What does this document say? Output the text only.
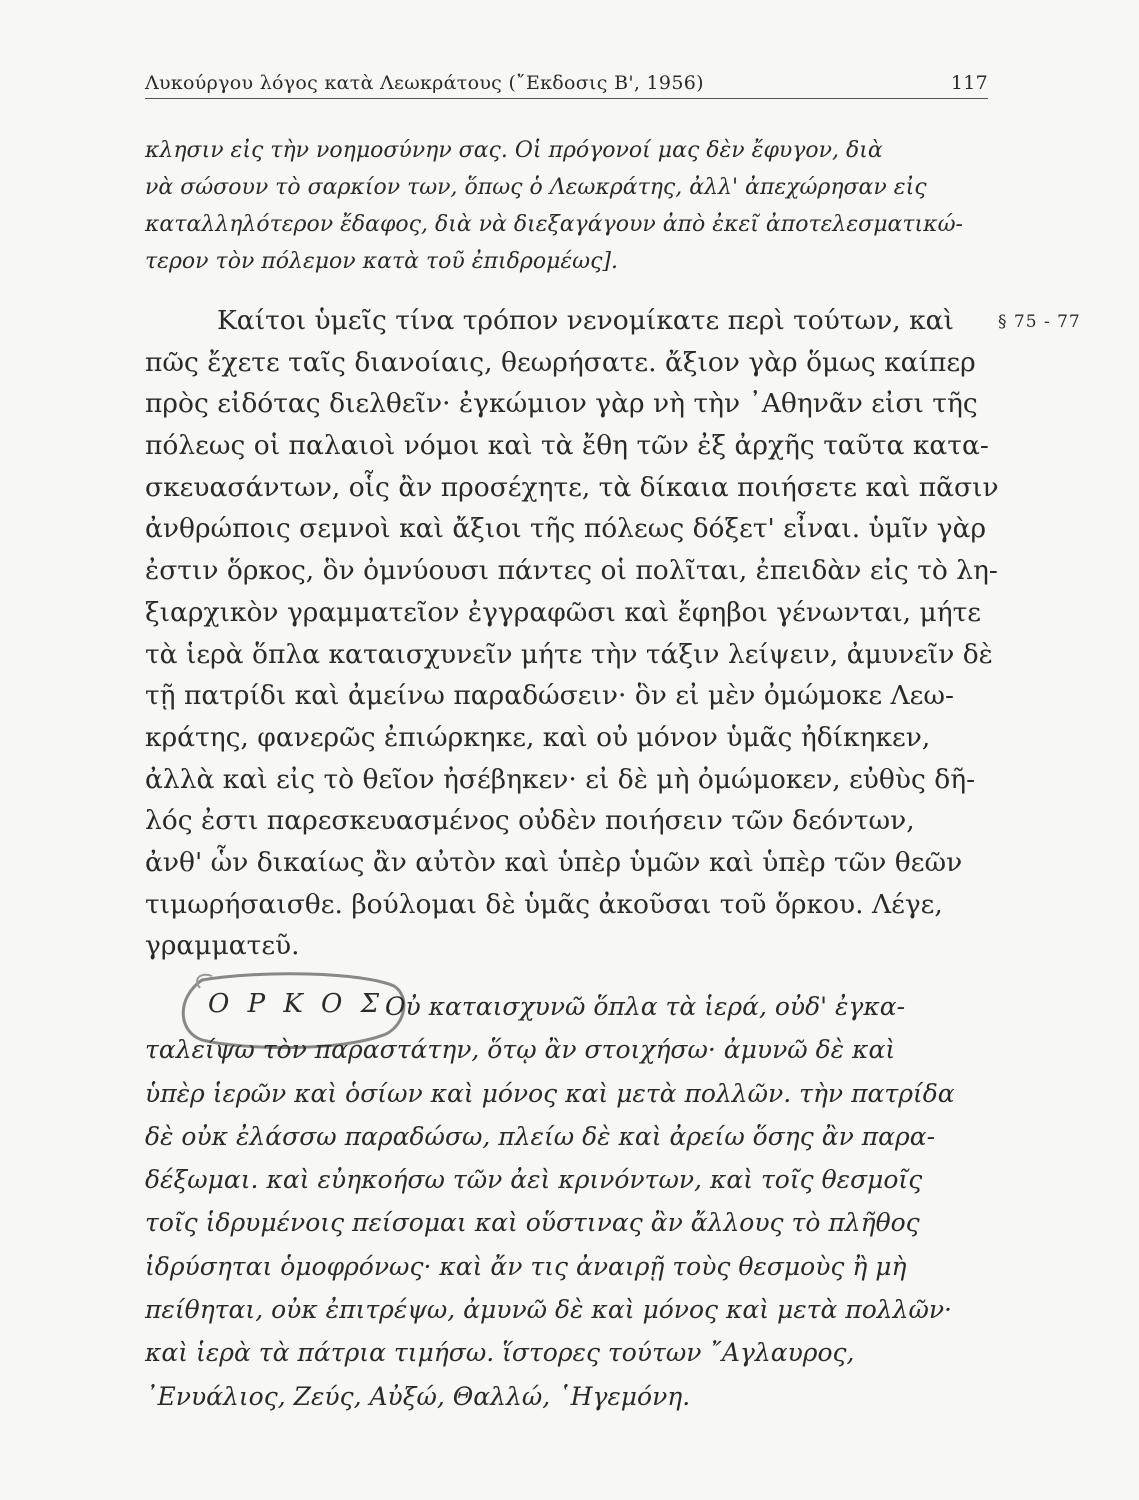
Λυκούργου λόγος κατὰ Λεωκράτους (῎Εκδοσις Β', 1956)	117

κλησιν εἰς τὴν νοημοσύνην σας. Οἱ πρόγονοί μας δὲν ἔφυγον, διὰ

νὰ σώσουν τὸ σαρκίον των, ὅπως ὁ Λεωκράτης, ἀλλ' ἀπεχώρησαν εἰς

καταλληλότερον ἔδαφος, διὰ νὰ διεξαγάγουν ἀπὸ ἐκεῖ ἀποτελεσματικώ-

τερον τὸν πόλεμον κατὰ τοῦ ἐπιδρομέως].

§ 75 - 77

Καίτοι ὑμεῖς τίνα τρόπον νενομίκατε περὶ τούτων, καὶ

πῶς ἔχετε ταῖς διανοίαις, θεωρήσατε. ἄξιον γὰρ ὅμως καίπερ

πρὸς εἰδότας διελθεῖν· ἐγκώμιον γὰρ νὴ τὴν ᾿Αθηνᾶν εἰσι τῆς

πόλεως οἱ παλαιοὶ νόμοι καὶ τὰ ἔθη τῶν ἐξ ἀρχῆς ταῦτα κατα-

σκευασάντων, οἷς ἂν προσέχητε, τὰ δίκαια ποιήσετε καὶ πᾶσιν

ἀνθρώποις σεμνοὶ καὶ ἄξιοι τῆς πόλεως δόξετ' εἶναι. ὑμῖν γὰρ

ἐστιν ὅρκος, ὃν ὀμνύουσι πάντες οἱ πολῖται, ἐπειδὰν εἰς τὸ λη-

ξιαρχικὸν γραμματεῖον ἐγγραφῶσι καὶ ἔφηβοι γένωνται, μήτε

τὰ ἱερὰ ὅπλα καταισχυνεῖν μήτε τὴν τάξιν λείψειν, ἀμυνεῖν δὲ

τῇ πατρίδι καὶ ἀμείνω παραδώσειν· ὃν εἰ μὲν ὀμώμοκε Λεω-

κράτης, φανερῶς ἐπιώρκηκε, καὶ οὐ μόνον ὑμᾶς ἠδίκηκεν,

ἀλλὰ καὶ εἰς τὸ θεῖον ἠσέβηκεν· εἰ δὲ μὴ ὀμώμοκεν, εὐθὺς δῆ-

λός ἐστι παρεσκευασμένος οὐδὲν ποιήσειν τῶν δεόντων,

ἀνθ' ὧν δικαίως ἂν αὐτὸν καὶ ὑπὲρ ὑμῶν καὶ ὑπὲρ τῶν θεῶν

τιμωρήσαισθε. βούλομαι δὲ ὑμᾶς ἀκοῦσαι τοῦ ὅρκου. Λέγε,

γραμματεῦ.

Ο Ρ Κ Ο Σ.

Οὐ καταισχυνῶ ὅπλα τὰ ἱερά, οὐδ' ἐγκα-

ταλείψω τὸν παραστάτην, ὅτῳ ἂν στοιχήσω· ἀμυνῶ δὲ καὶ

ὑπὲρ ἱερῶν καὶ ὁσίων καὶ μόνος καὶ μετὰ πολλῶν. τὴν πατρίδα

δὲ οὐκ ἐλάσσω παραδώσω, πλείω δὲ καὶ ἀρείω ὅσης ἂν παρα-

δέξωμαι. καὶ εὐηκοήσω τῶν ἀεὶ κρινόντων, καὶ τοῖς θεσμοῖς

τοῖς ἱδρυμένοις πείσομαι καὶ οὕστινας ἂν ἄλλους τὸ πλῆθος

ἱδρύσηται ὁμοφρόνως· καὶ ἄν τις ἀναιρῇ τοὺς θεσμοὺς ἢ μὴ

πείθηται, οὐκ ἐπιτρέψω, ἀμυνῶ δὲ καὶ μόνος καὶ μετὰ πολλῶν·

καὶ ἱερὰ τὰ πάτρια τιμήσω. ἵστορες τούτων ῎Αγλαυρος,

᾿Ενυάλιος, Ζεύς, Αὐξώ, Θαλλώ, ῾Ηγεμόνη.
